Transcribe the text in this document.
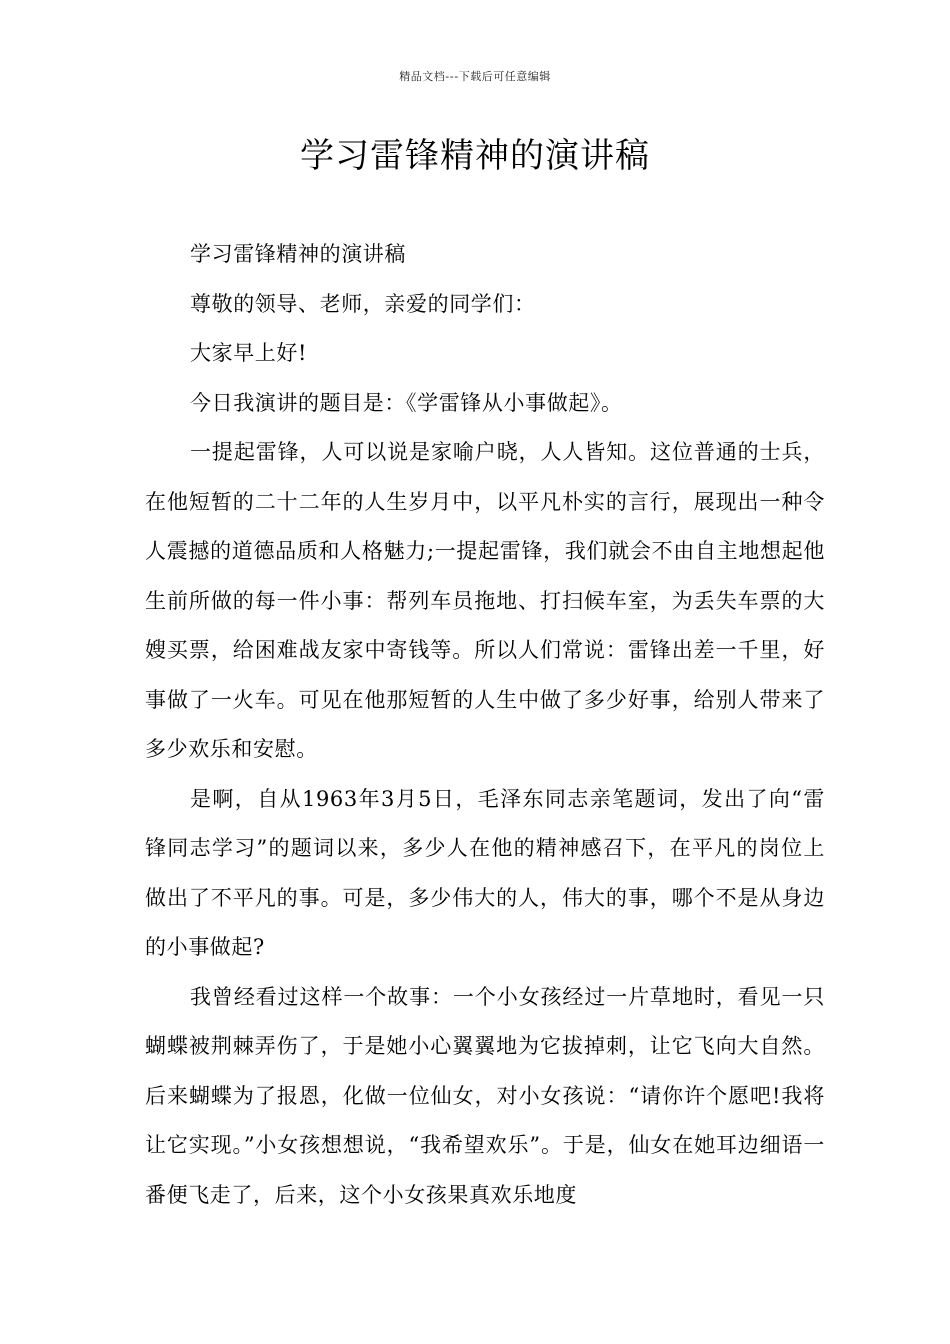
精品文档---下载后可任意编辑
学习雷锋精神的演讲稿

学习雷锋精神的演讲稿

尊敬的领导、老师，亲爱的同学们：

大家早上好!

今日我演讲的题目是：《学雷锋从小事做起》。

一提起雷锋，人可以说是家喻户晓，人人皆知。这位普通的士兵，在他短暂的二十二年的人生岁月中，以平凡朴实的言行，展现出一种令人震撼的道德品质和人格魅力;一提起雷锋，我们就会不由自主地想起他生前所做的每一件小事：帮列车员拖地、打扫候车室，为丢失车票的大嫂买票，给困难战友家中寄钱等。所以人们常说：雷锋出差一千里，好事做了一火车。可见在他那短暂的人生中做了多少好事，给别人带来了多少欢乐和安慰。

是啊，自从1963年3月5日，毛泽东同志亲笔题词，发出了向“雷锋同志学习”的题词以来，多少人在他的精神感召下，在平凡的岗位上做出了不平凡的事。可是，多少伟大的人，伟大的事，哪个不是从身边的小事做起?

我曾经看过这样一个故事：一个小女孩经过一片草地时，看见一只蝴蝶被荆棘弄伤了，于是她小心翼翼地为它拔掉刺，让它飞向大自然。后来蝴蝶为了报恩，化做一位仙女，对小女孩说：“请你许个愿吧!我将让它实现。”小女孩想想说，“我希望欢乐”。于是，仙女在她耳边细语一番便飞走了，后来，这个小女孩果真欢乐地度
